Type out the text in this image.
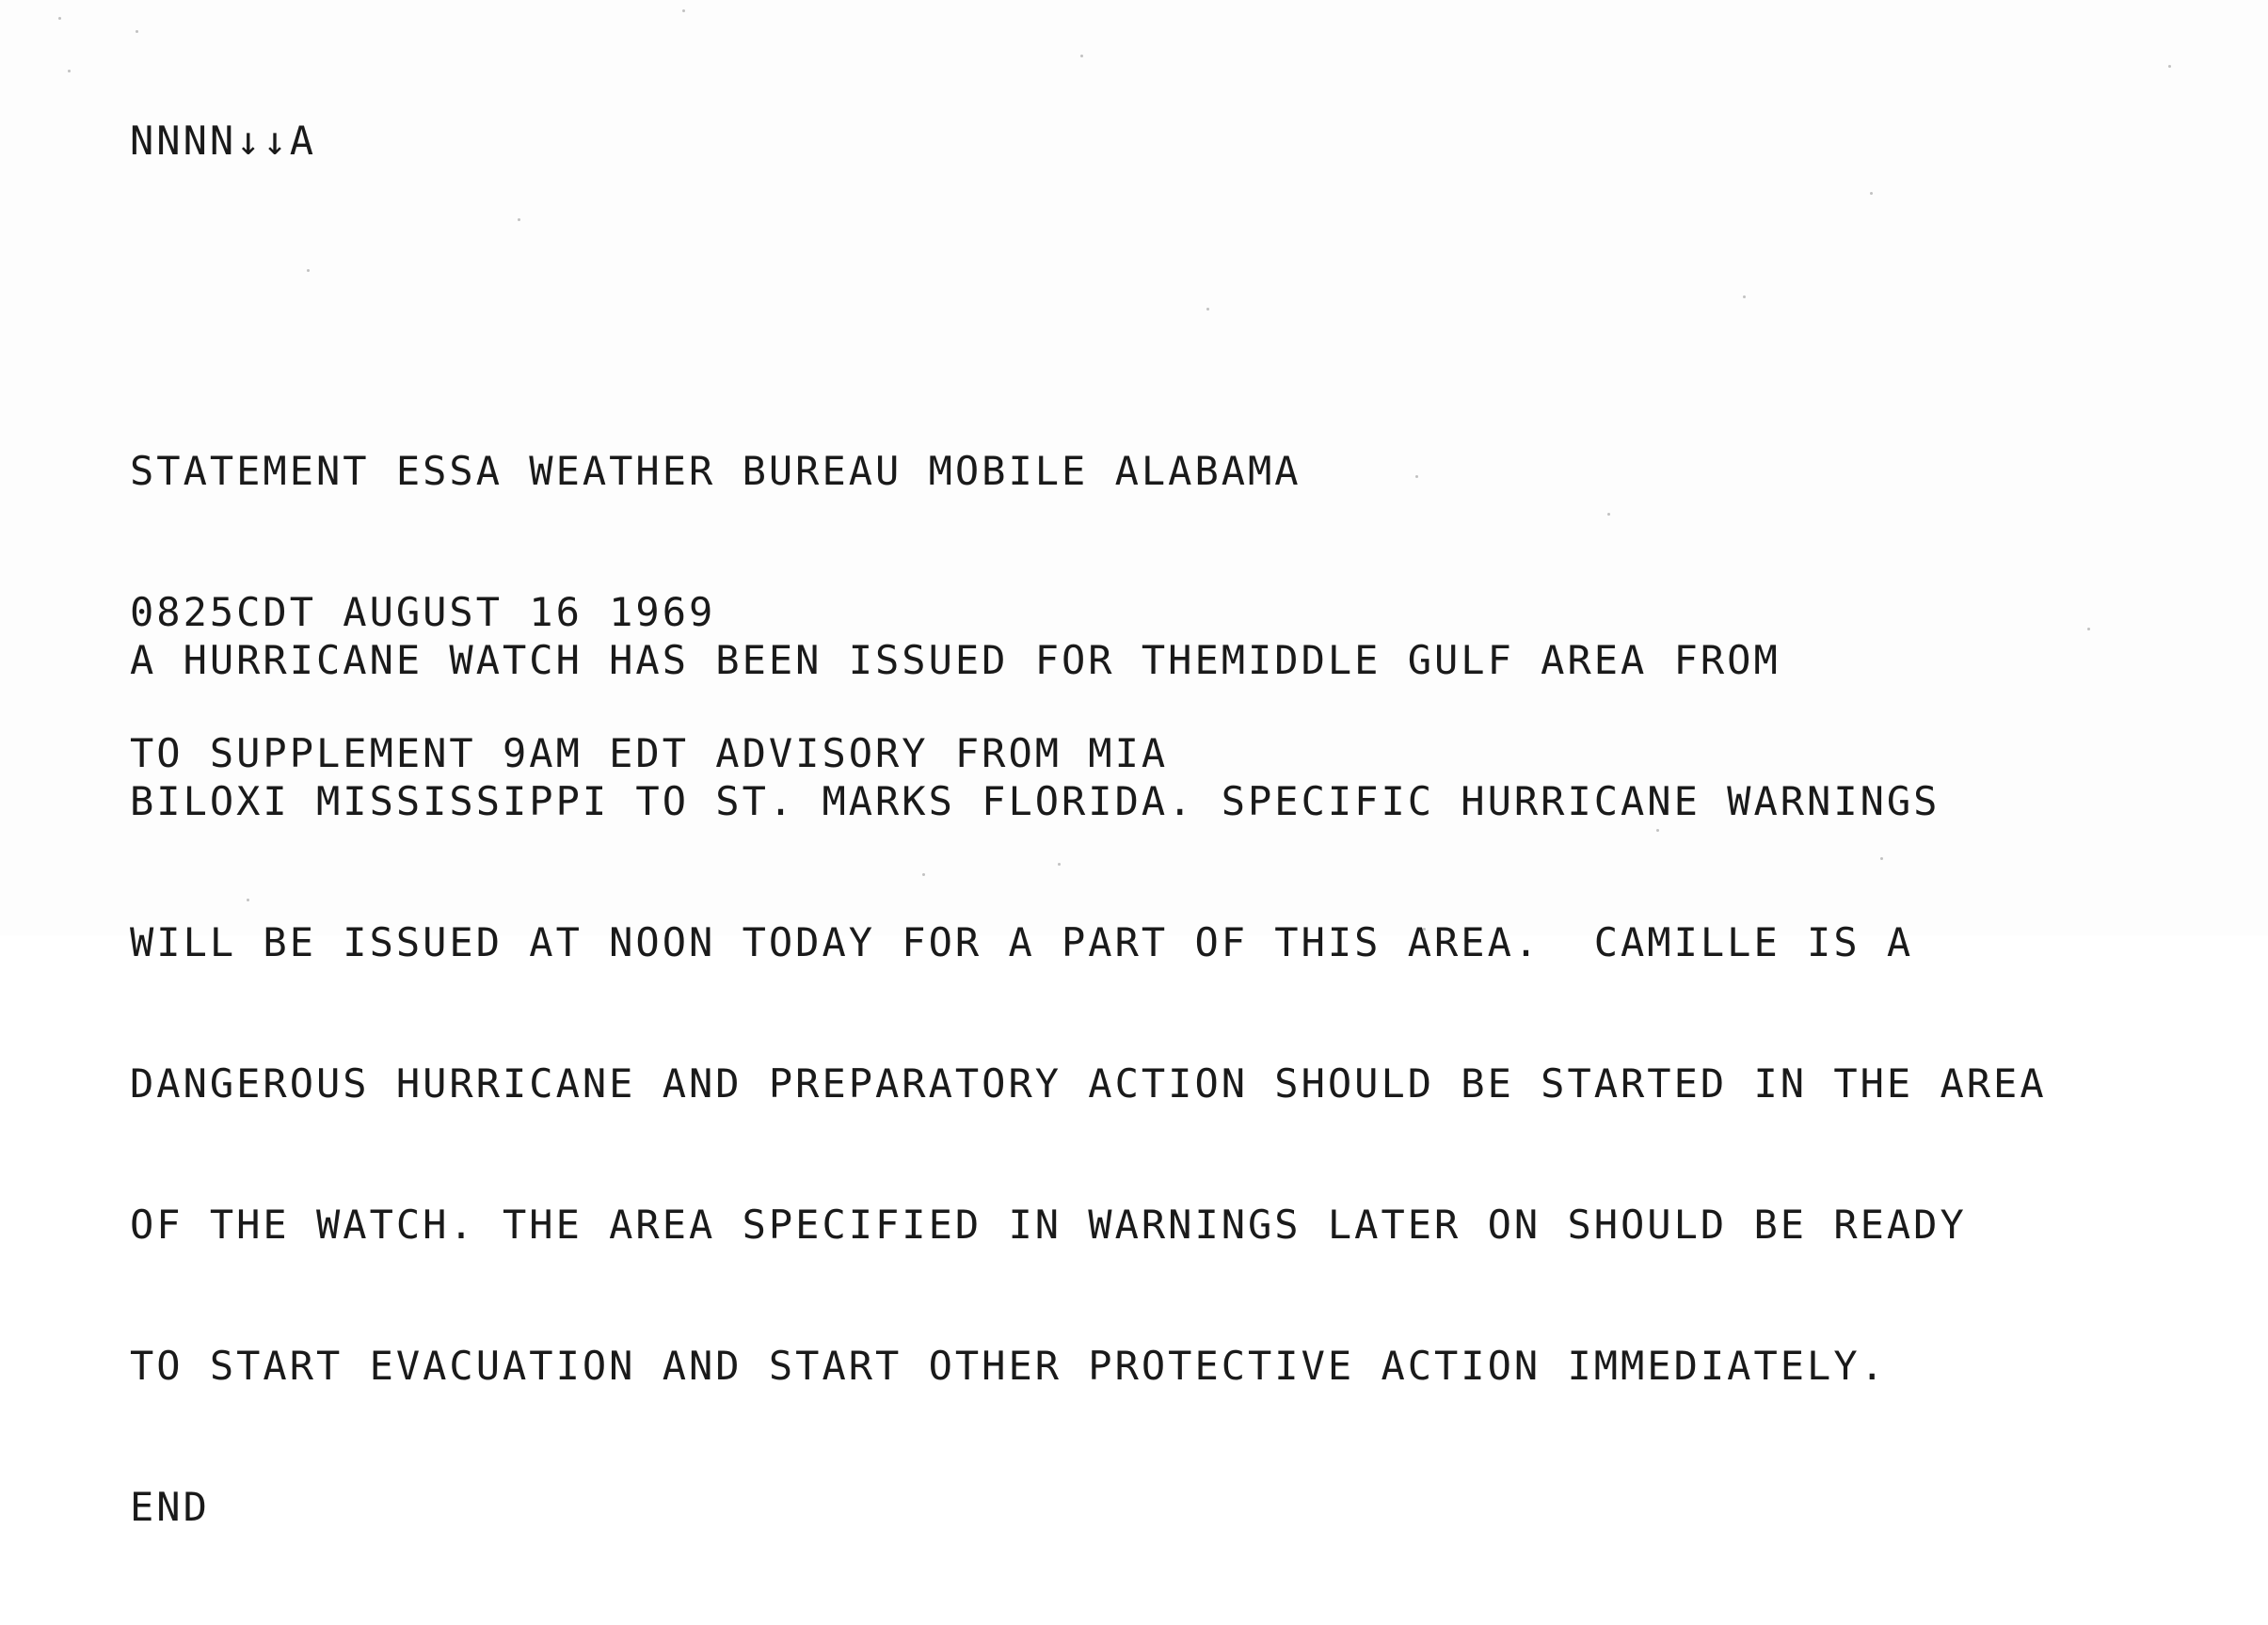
NNNN↓↓A

STATEMENT ESSA WEATHER BUREAU MOBILE ALABAMA

0825CDT AUGUST 16 1969

TO SUPPLEMENT 9AM EDT ADVISORY FROM MIA

A HURRICANE WATCH HAS BEEN ISSUED FOR THEMIDDLE GULF AREA FROM

BILOXI MISSISSIPPI TO ST. MARKS FLORIDA. SPECIFIC HURRICANE WARNINGS

WILL BE ISSUED AT NOON TODAY FOR A PART OF THIS AREA.  CAMILLE IS A

DANGEROUS HURRICANE AND PREPARATORY ACTION SHOULD BE STARTED IN THE AREA

OF THE WATCH. THE AREA SPECIFIED IN WARNINGS LATER ON SHOULD BE READY

TO START EVACUATION AND START OTHER PROTECTIVE ACTION IMMEDIATELY.

END
